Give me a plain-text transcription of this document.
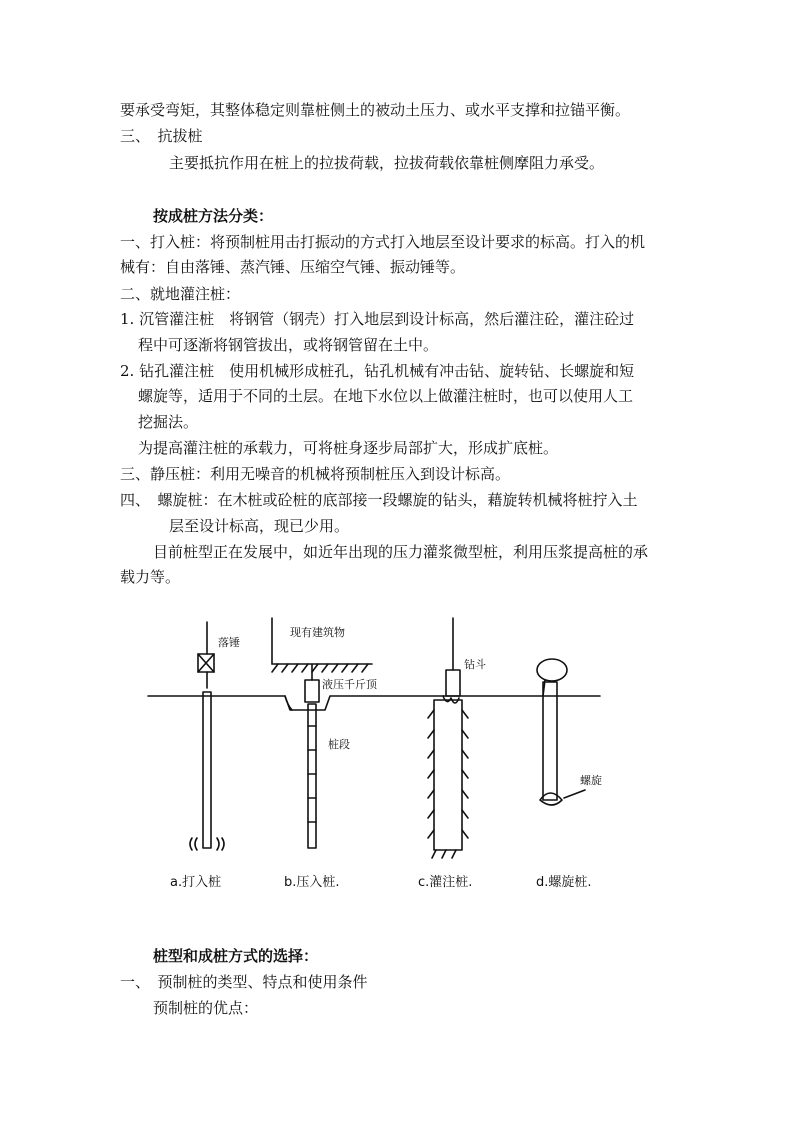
要承受弯矩，其整体稳定则靠桩侧土的被动土压力、或水平支撑和拉锚平衡。
三、　抗拔桩
主要抵抗作用在桩上的拉拔荷载，拉拔荷载依靠桩侧摩阻力承受。
按成桩方法分类：
一、打入桩：将预制桩用击打振动的方式打入地层至设计要求的标高。打入的机
械有：自由落锤、蒸汽锤、压缩空气锤、振动锤等。
二、就地灌注桩：
1. 沉管灌注桩　将钢管（钢壳）打入地层到设计标高，然后灌注砼，灌注砼过
程中可逐渐将钢管拔出，或将钢管留在土中。
2. 钻孔灌注桩　使用机械形成桩孔，钻孔机械有冲击钻、旋转钻、长螺旋和短
螺旋等，适用于不同的土层。在地下水位以上做灌注桩时，也可以使用人工
挖掘法。
为提高灌注桩的承载力，可将桩身逐步局部扩大，形成扩底桩。
三、静压桩：利用无噪音的机械将预制桩压入到设计标高。
四、　螺旋桩：在木桩或砼桩的底部接一段螺旋的钻头，藉旋转机械将桩拧入土
层至设计标高，现已少用。
目前桩型正在发展中，如近年出现的压力灌浆微型桩，利用压浆提高桩的承
载力等。
落锤
现有建筑物
液压千斤顶
桩段
钻斗
螺旋
a.打入桩	b.压入桩.	c.灌注桩.	d.螺旋桩.
桩型和成桩方式的选择：
一、　预制桩的类型、特点和使用条件
预制桩的优点：
